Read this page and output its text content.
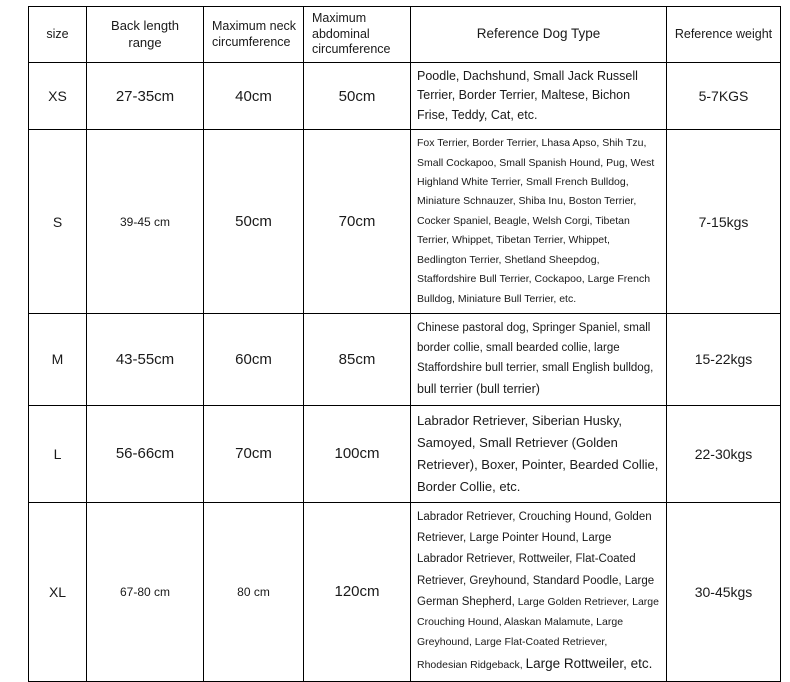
size	Back length range	Maximum neck circumference	Maximum abdominal circumference	Reference Dog Type	Reference weight
XS	27-35cm	40cm	50cm	Poodle, Dachshund, Small Jack Russell Terrier, Border Terrier, Maltese, Bichon Frise, Teddy, Cat, etc.	5-7KGS
S	39-45 cm	50cm	70cm	Fox Terrier, Border Terrier, Lhasa Apso, Shih Tzu, Small Cockapoo, Small Spanish Hound, Pug, West Highland White Terrier, Small French Bulldog, Miniature Schnauzer, Shiba Inu, Boston Terrier, Cocker Spaniel, Beagle, Welsh Corgi, Tibetan Terrier, Whippet, Tibetan Terrier, Whippet, Bedlington Terrier, Shetland Sheepdog, Staffordshire Bull Terrier, Cockapoo, Large French Bulldog, Miniature Bull Terrier, etc.	7-15kgs
M	43-55cm	60cm	85cm	Chinese pastoral dog, Springer Spaniel, small border collie, small bearded collie, large Staffordshire bull terrier, small English bulldog, bull terrier (bull terrier)	15-22kgs
L	56-66cm	70cm	100cm	Labrador Retriever, Siberian Husky, Samoyed, Small Retriever (Golden Retriever), Boxer, Pointer, Bearded Collie, Border Collie, etc.	22-30kgs
XL	67-80 cm	80 cm	120cm	Labrador Retriever, Crouching Hound, Golden Retriever, Large Pointer Hound, Large Labrador Retriever, Rottweiler, Flat-Coated Retriever, Greyhound, Standard Poodle, Large German Shepherd, Large Golden Retriever, Large Crouching Hound, Alaskan Malamute, Large Greyhound, Large Flat-Coated Retriever, Rhodesian Ridgeback, Large Rottweiler, etc.	30-45kgs
